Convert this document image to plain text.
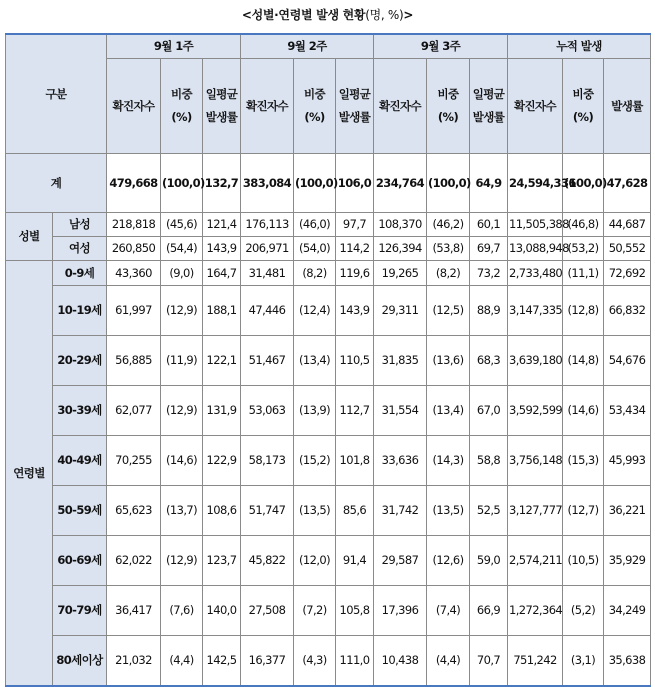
<성별·연령별 발생 현황(명, %)>
구분		9월 1주			9월 2주			9월 3주			누적 발생		
		확진자수	비중(%)	일평균발생률	확진자수	비중(%)	일평균발생률	확진자수	비중(%)	일평균발생률	확진자수	비중(%)	발생률
계		479,668	(100,0)	132,7	383,084	(100,0)	106,0	234,764	(100,0)	64,9	24,594,336	(100,0)	47,628
성별	남성	218,818	(45,6)	121,4	176,113	(46,0)	97,7	108,370	(46,2)	60,1	11,505,388	(46,8)	44,687
	여성	260,850	(54,4)	143,9	206,971	(54,0)	114,2	126,394	(53,8)	69,7	13,088,948	(53,2)	50,552
연령별	0-9세	43,360	(9,0)	164,7	31,481	(8,2)	119,6	19,265	(8,2)	73,2	2,733,480	(11,1)	72,692
	10-19세	61,997	(12,9)	188,1	47,446	(12,4)	143,9	29,311	(12,5)	88,9	3,147,335	(12,8)	66,832
	20-29세	56,885	(11,9)	122,1	51,467	(13,4)	110,5	31,835	(13,6)	68,3	3,639,180	(14,8)	54,676
	30-39세	62,077	(12,9)	131,9	53,063	(13,9)	112,7	31,554	(13,4)	67,0	3,592,599	(14,6)	53,434
	40-49세	70,255	(14,6)	122,9	58,173	(15,2)	101,8	33,636	(14,3)	58,8	3,756,148	(15,3)	45,993
	50-59세	65,623	(13,7)	108,6	51,747	(13,5)	85,6	31,742	(13,5)	52,5	3,127,777	(12,7)	36,221
	60-69세	62,022	(12,9)	123,7	45,822	(12,0)	91,4	29,587	(12,6)	59,0	2,574,211	(10,5)	35,929
	70-79세	36,417	(7,6)	140,0	27,508	(7,2)	105,8	17,396	(7,4)	66,9	1,272,364	(5,2)	34,249
	80세이상	21,032	(4,4)	142,5	16,377	(4,3)	111,0	10,438	(4,4)	70,7	751,242	(3,1)	35,638
